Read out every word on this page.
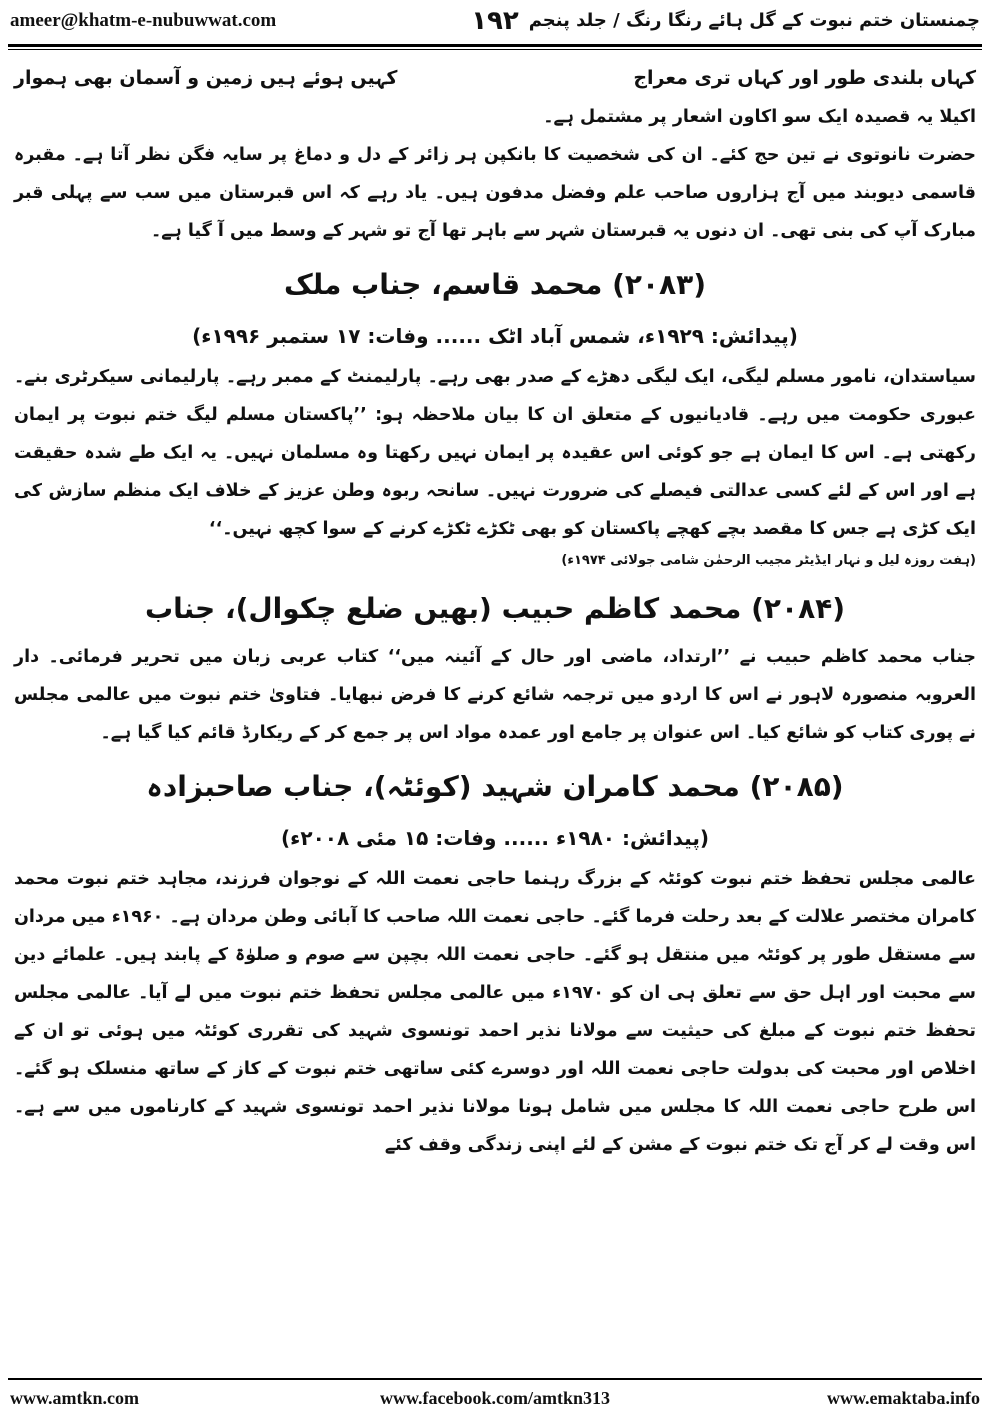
ameer@khatm-e-nubuwwat.com	۱۹۲ چمنستان ختم نبوت کے گل ہائے رنگا رنگ / جلد پنجم
کہاں بلندی طور اور کہاں تری معراج
کہیں ہوئے ہیں زمین و آسمان بھی ہموار

اکیلا یہ قصیدہ ایک سو اکاون اشعار پر مشتمل ہے۔

حضرت نانوتوی نے تین حج کئے۔ ان کی شخصیت کا بانکپن ہر زائر کے دل و دماغ پر سایہ فگن نظر آتا ہے۔ مقبرہ قاسمی دیوبند میں آج ہزاروں صاحب علم وفضل مدفون ہیں۔ یاد رہے کہ اس قبرستان میں سب سے پہلی قبر مبارک آپ کی بنی تھی۔ ان دنوں یہ قبرستان شہر سے باہر تھا آج تو شہر کے وسط میں آ گیا ہے۔

(۲۰۸۳) محمد قاسم، جناب ملک

(پیدائش: ۱۹۲۹ء، شمس آباد اٹک ...... وفات: ۱۷ ستمبر ۱۹۹۶ء)

سیاستدان، نامور مسلم لیگی، ایک لیگی دھڑے کے صدر بھی رہے۔ پارلیمنٹ کے ممبر رہے۔ پارلیمانی سیکرٹری بنے۔ عبوری حکومت میں رہے۔ قادیانیوں کے متعلق ان کا بیان ملاحظہ ہو: ’’پاکستان مسلم لیگ ختم نبوت پر ایمان رکھتی ہے۔ اس کا ایمان ہے جو کوئی اس عقیدہ پر ایمان نہیں رکھتا وہ مسلمان نہیں۔ یہ ایک طے شدہ حقیقت ہے اور اس کے لئے کسی عدالتی فیصلے کی ضرورت نہیں۔ سانحہ ربوہ وطن عزیز کے خلاف ایک منظم سازش کی ایک کڑی ہے جس کا مقصد بچے کھچے پاکستان کو بھی ٹکڑے ٹکڑے کرنے کے سوا کچھ نہیں۔‘‘

(ہفت روزہ لیل و نہار ایڈیٹر مجیب الرحمٰن شامی جولائی ۱۹۷۴ء)

(۲۰۸۴) محمد کاظم حبیب (بھیں ضلع چکوال)، جناب

جناب محمد کاظم حبیب نے ’’ارتداد، ماضی اور حال کے آئینہ میں‘‘ کتاب عربی زبان میں تحریر فرمائی۔ دار العروبہ منصورہ لاہور نے اس کا اردو میں ترجمہ شائع کرنے کا فرض نبھایا۔ فتاویٰ ختم نبوت میں عالمی مجلس نے پوری کتاب کو شائع کیا۔ اس عنوان پر جامع اور عمدہ مواد اس پر جمع کر کے ریکارڈ قائم کیا گیا ہے۔

(۲۰۸۵) محمد کامران شہید (کوئٹہ)، جناب صاحبزادہ

(پیدائش: ۱۹۸۰ء ...... وفات: ۱۵ مئی ۲۰۰۸ء)

عالمی مجلس تحفظ ختم نبوت کوئٹہ کے بزرگ رہنما حاجی نعمت اللہ کے نوجوان فرزند، مجاہد ختم نبوت محمد کامران مختصر علالت کے بعد رحلت فرما گئے۔ حاجی نعمت اللہ صاحب کا آبائی وطن مردان ہے۔ ۱۹۶۰ء میں مردان سے مستقل طور پر کوئٹہ میں منتقل ہو گئے۔ حاجی نعمت اللہ بچپن سے صوم و صلوٰۃ کے پابند ہیں۔ علمائے دین سے محبت اور اہل حق سے تعلق ہی ان کو ۱۹۷۰ء میں عالمی مجلس تحفظ ختم نبوت میں لے آیا۔ عالمی مجلس تحفظ ختم نبوت کے مبلغ کی حیثیت سے مولانا نذیر احمد تونسوی شہید کی تقرری کوئٹہ میں ہوئی تو ان کے اخلاص اور محبت کی بدولت حاجی نعمت اللہ اور دوسرے کئی ساتھی ختم نبوت کے کاز کے ساتھ منسلک ہو گئے۔ اس طرح حاجی نعمت اللہ کا مجلس میں شامل ہونا مولانا نذیر احمد تونسوی شہید کے کارناموں میں سے ہے۔ اس وقت لے کر آج تک ختم نبوت کے مشن کے لئے اپنی زندگی وقف کئے

www.amtkn.com	www.facebook.com/amtkn313	www.emaktaba.info
